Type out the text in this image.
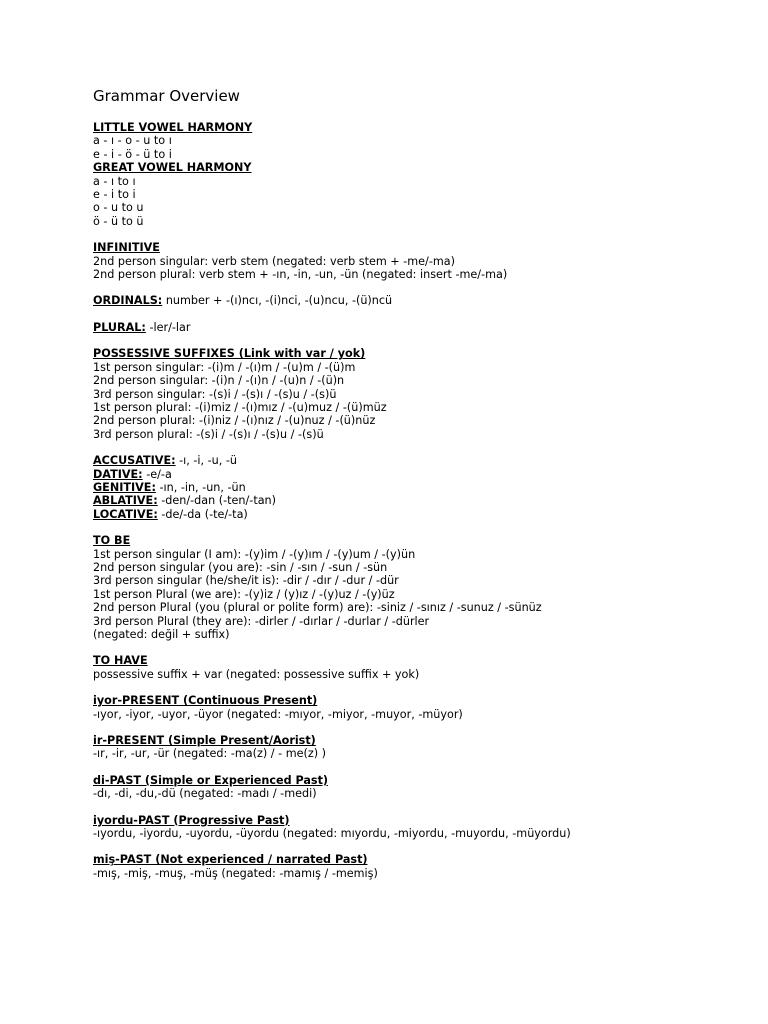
Grammar Overview
LITTLE VOWEL HARMONY
a - ı - o - u to ı
e - i - ö - ü to i
GREAT VOWEL HARMONY
a - ı to ı
e - i to i
o - u to u
ö - ü to ü
INFINITIVE
2nd person singular: verb stem (negated: verb stem + -me/-ma)
2nd person plural: verb stem + -ın, -in, -un, -ün (negated: insert -me/-ma)
ORDINALS: number + -(ı)ncı, -(i)nci, -(u)ncu, -(ü)ncü
PLURAL: -ler/-lar
POSSESSIVE SUFFIXES (Link with var / yok)
1st person singular: -(i)m / -(ı)m / -(u)m / -(ü)m
2nd person singular: -(i)n / -(ı)n / -(u)n / -(ü)n
3rd person singular: -(s)i / -(s)ı / -(s)u / -(s)ü
1st person plural: -(i)miz / -(ı)mız / -(u)muz / -(ü)müz
2nd person plural: -(i)niz / -(ı)nız / -(u)nuz / -(ü)nüz
3rd person plural: -(s)i / -(s)ı / -(s)u / -(s)ü
ACCUSATIVE: -ı, -i, -u, -ü
DATIVE: -e/-a
GENITIVE: -ın, -in, -un, -ün
ABLATIVE: -den/-dan (-ten/-tan)
LOCATIVE: -de/-da (-te/-ta)
TO BE
1st person singular (I am): -(y)im / -(y)ım / -(y)um / -(y)ün
2nd person singular (you are): -sin / -sın / -sun / -sün
3rd person singular (he/she/it is): -dir / -dır / -dur / -dür
1st person Plural (we are): -(y)iz / (y)ız / -(y)uz / -(y)üz
2nd person Plural (you (plural or polite form) are): -siniz / -sınız / -sunuz / -sünüz
3rd person Plural (they are): -dirler / -dırlar / -durlar / -dürler
(negated: değil + suffix)
TO HAVE
possessive suffix + var (negated: possessive suffix + yok)
iyor-PRESENT (Continuous Present)
-ıyor, -iyor, -uyor, -üyor (negated: -mıyor, -miyor, -muyor, -müyor)
ir-PRESENT (Simple Present/Aorist)
-ır, -ir, -ur, -ür (negated: -ma(z) / - me(z) )
di-PAST (Simple or Experienced Past)
-dı, -di, -du,-dü (negated: -madı / -medi)
iyordu-PAST (Progressive Past)
-ıyordu, -iyordu, -uyordu, -üyordu (negated: mıyordu, -miyordu, -muyordu, -müyordu)
miş-PAST (Not experienced / narrated Past)
-mış, -miş, -muş, -müş (negated: -mamış / -memiş)
